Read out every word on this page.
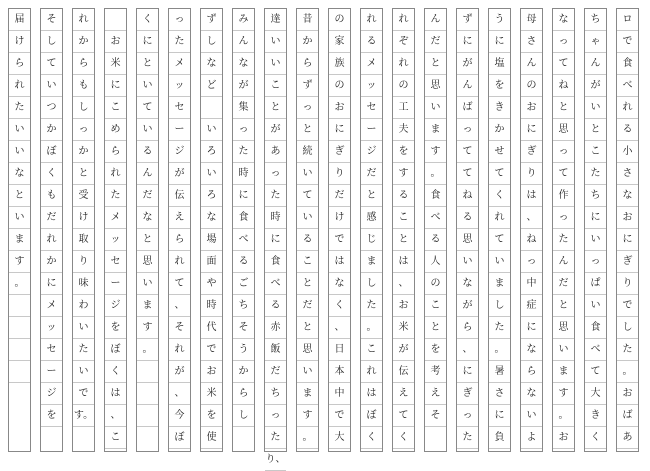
届
け
ら
れ
た
い
い
な
と
い
ま
す
。
そ
し
て
い
つ
か
ぼ
く
も
だ
れ
か
に
メ
ッ
セ
ー
ジ
を
れ
か
ら
も
し
っ
か
と
受
け
取
り
味
わ
い
た
い
で
す。
お
米
に
こ
め
ら
れ
た
メ
ッ
セ
ー
ジ
を
ぼ
く
は
、
こ
く
に
と
い
て
い
る
ん
だ
な
と
思
い
ま
す
。
っ
た
メ
ッ
セ
ー
ジ
が
伝
え
ら
れ
て
、
そ
れ
が
、
今
ぼ
ず
し
な
ど
い
ろ
い
ろ
な
場
面
や
時
代
で
お
米
を
使
み
ん
な
が
集
っ
た
時
に
食
べ
る
ご
ち
そ
う
か
ら
し
達
い
い
こ
と
が
あ
っ
た
時
に
食
べ
る
赤
飯
だ
ち
っ
た
り、
昔
か
ら
ず
っ
と
続
い
て
い
る
こ
と
だ
と
思
い
ま
す
。
の
家
族
の
お
に
ぎ
り
だ
け
で
は
な
く
、
日
本
中
で
大
れ
る
メ
ッ
セ
ー
ジ
だ
と
感
じ
ま
し
た
。
こ
れ
は
ぼ
く
れ
ぞ
れ
の
工
夫
を
す
る
こ
と
は
、
お
米
が
伝
え
て
く
ん
だ
と
思
い
ま
す
。
食
べ
る
人
の
こ
と
を
考
え
そ
ず
に
が
ん
ば
っ
て
て
ね
る
思
い
な
が
ら
、
に
ぎ
っ
た
う
に
塩
を
き
か
せ
て
く
れ
て
い
ま
し
た
。
暑
さ
に
負
母
さ
ん
の
お
に
ぎ
り
は
、
ね
っ
中
症
に
な
ら
な
い
よ
な
っ
て
ね
と
思
っ
て
作
っ
た
ん
だ
と
思
い
ま
す
。
お
ち
ゃ
ん
が
い
と
こ
た
ち
に
い
っ
ぱ
い
食
べ
て
大
き
く
ロ
で
食
べ
れ
る
小
さ
な
お
に
ぎ
り
で
し
た
。
お
ば
あ
